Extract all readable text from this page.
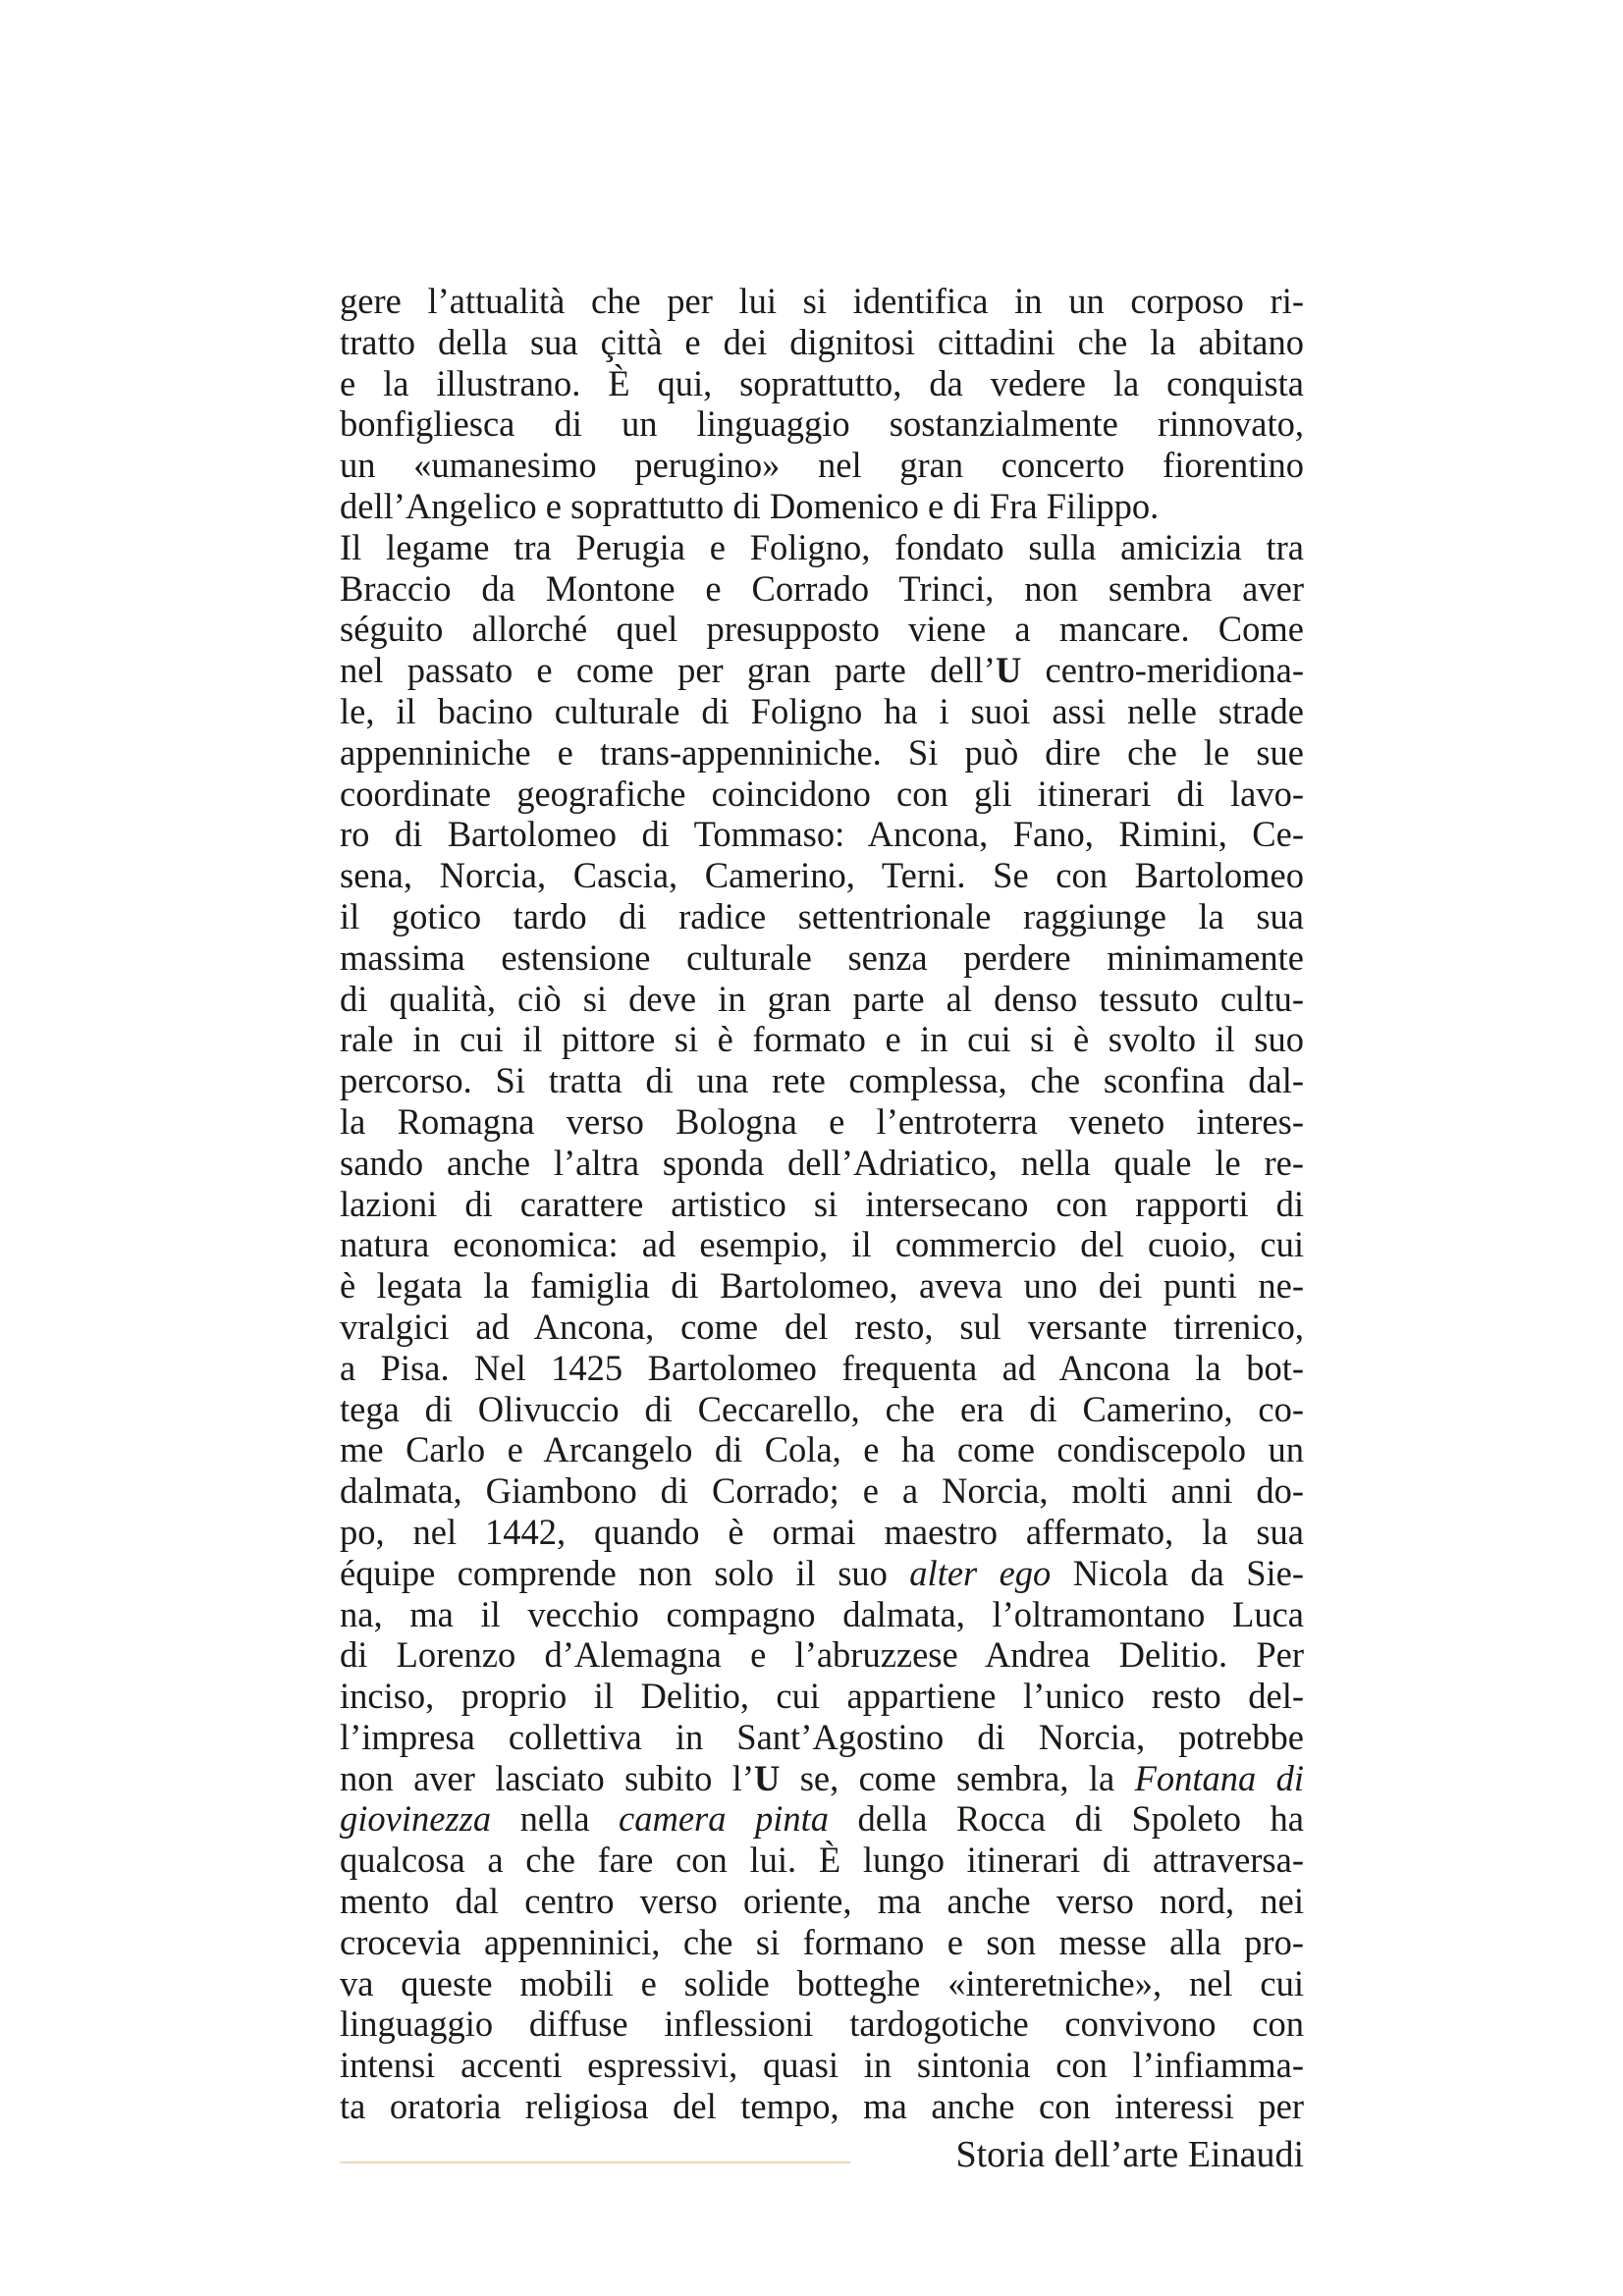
gere l’attualità che per lui si identifica in un corposo ri-
tratto della sua çittà e dei dignitosi cittadini che la abitano
e la illustrano. È qui, soprattutto, da vedere la conquista
bonfigliesca di un linguaggio sostanzialmente rinnovato,
un «umanesimo perugino» nel gran concerto fiorentino
dell’Angelico e soprattutto di Domenico e di Fra Filippo.
Il legame tra Perugia e Foligno, fondato sulla amicizia tra
Braccio da Montone e Corrado Trinci, non sembra aver
séguito allorché quel presupposto viene a mancare. Come
nel passato e come per gran parte dell’U centro-meridiona-
le, il bacino culturale di Foligno ha i suoi assi nelle strade
appenniniche e trans-appenniniche. Si può dire che le sue
coordinate geografiche coincidono con gli itinerari di lavo-
ro di Bartolomeo di Tommaso: Ancona, Fano, Rimini, Ce-
sena, Norcia, Cascia, Camerino, Terni. Se con Bartolomeo
il gotico tardo di radice settentrionale raggiunge la sua
massima estensione culturale senza perdere minimamente
di qualità, ciò si deve in gran parte al denso tessuto cultu-
rale in cui il pittore si è formato e in cui si è svolto il suo
percorso. Si tratta di una rete complessa, che sconfina dal-
la Romagna verso Bologna e l’entroterra veneto interes-
sando anche l’altra sponda dell’Adriatico, nella quale le re-
lazioni di carattere artistico si intersecano con rapporti di
natura economica: ad esempio, il commercio del cuoio, cui
è legata la famiglia di Bartolomeo, aveva uno dei punti ne-
vralgici ad Ancona, come del resto, sul versante tirrenico,
a Pisa. Nel 1425 Bartolomeo frequenta ad Ancona la bot-
tega di Olivuccio di Ceccarello, che era di Camerino, co-
me Carlo e Arcangelo di Cola, e ha come condiscepolo un
dalmata, Giambono di Corrado; e a Norcia, molti anni do-
po, nel 1442, quando è ormai maestro affermato, la sua
équipe comprende non solo il suo alter ego Nicola da Sie-
na, ma il vecchio compagno dalmata, l’oltramontano Luca
di Lorenzo d’Alemagna e l’abruzzese Andrea Delitio. Per
inciso, proprio il Delitio, cui appartiene l’unico resto del-
l’impresa collettiva in Sant’Agostino di Norcia, potrebbe
non aver lasciato subito l’U se, come sembra, la Fontana di
giovinezza nella camera pinta della Rocca di Spoleto ha
qualcosa a che fare con lui. È lungo itinerari di attraversa-
mento dal centro verso oriente, ma anche verso nord, nei
crocevia appenninici, che si formano e son messe alla pro-
va queste mobili e solide botteghe «interetniche», nel cui
linguaggio diffuse inflessioni tardogotiche convivono con
intensi accenti espressivi, quasi in sintonia con l’infiamma-
ta oratoria religiosa del tempo, ma anche con interessi per
Storia dell’arte Einaudi
